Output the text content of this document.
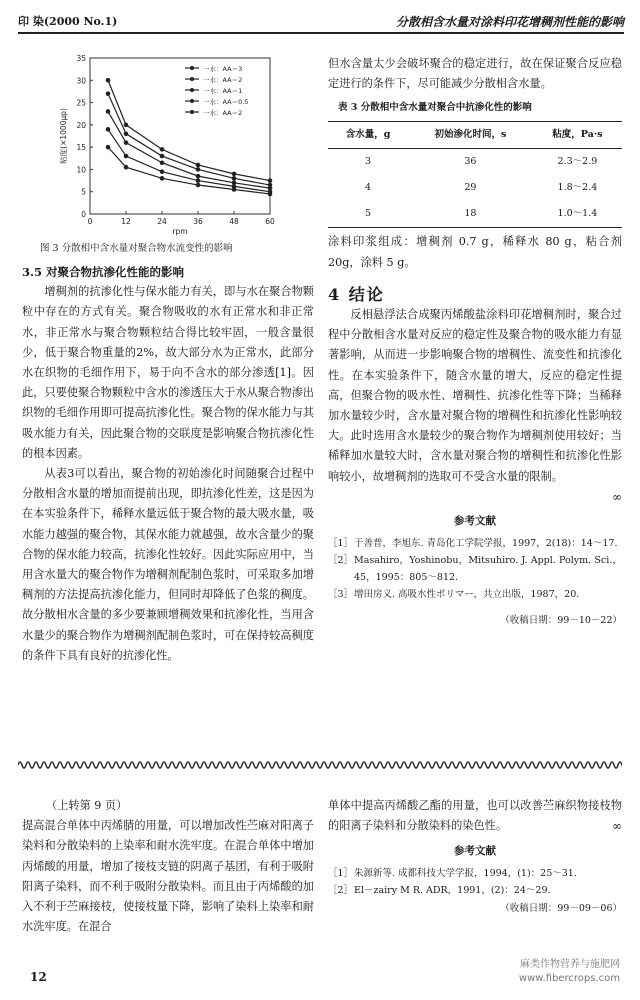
印 染(2000 No.1)	分散相含水量对涂料印花增稠剂性能的影响
0
5
10
15
20
25
30
35
0	12	24	36	48	60
rpm
粘度(×1000μp)
一水：AA＝3
一水：AA＝2
一水：AA＝1
一水：AA＝0.5
一水：AA＝2
图 3 分散相中含水量对聚合物水流变性的影响
3.5 对聚合物抗渗化性能的影响

增稠剂的抗渗化性与保水能力有关，即与水在聚合物颗粒中存在的方式有关。聚合物吸收的水有正常水和非正常水，非正常水与聚合物颗粒结合得比较牢固，一般含量很少，低于聚合物重量的2%，故大部分水为正常水，此部分水在织物的毛细作用下，易于向不含水的部分渗透[1]。因此，只要使聚合物颗粒中含水的渗透压大于水从聚合物渗出织物的毛细作用即可提高抗渗化性。聚合物的保水能力与其吸水能力有关，因此聚合物的交联度是影响聚合物抗渗化性的根本因素。

从表3可以看出，聚合物的初始渗化时间随聚合过程中分散相含水量的增加而提前出现，即抗渗化性差，这是因为在本实验条件下，稀释水量远低于聚合物的最大吸水量，吸水能力越强的聚合物，其保水能力就越强，故水含量少的聚合物的保水能力较高，抗渗化性较好。因此实际应用中，当用含水量大的聚合物作为增稠剂配制色浆时，可采取多加增稠剂的方法提高抗渗化能力，但同时却降低了色浆的稠度。故分散相水含量的多少要兼顾增稠效果和抗渗化性，当用含水量少的聚合物作为增稠剂配制色浆时，可在保持较高稠度的条件下具有良好的抗渗化性。

但水含量太少会破坏聚合的稳定进行，故在保证聚合反应稳定进行的条件下，尽可能减少分散相含水量。

表 3 分散相中含水量对聚合中抗渗化性的影响
含水量，g	初始渗化时间，s	粘度，Pa·s
3	36	2.3～2.9
4	29	1.8～2.4
5	18	1.0～1.4

涂料印浆组成：增稠剂 0.7 g，稀释水 80 g，粘合剂 20g，涂料 5 g。

4 结论

反相悬浮法合成聚丙烯酸盐涂料印花增稠剂时，聚合过程中分散相含水量对反应的稳定性及聚合物的吸水能力有显著影响，从而进一步影响聚合物的增稠性、流变性和抗渗化性。在本实验条件下，随含水量的增大，反应的稳定性提高，但聚合物的吸水性、增稠性、抗渗化性等下降；当稀释加水量较少时，含水量对聚合物的增稠性和抗渗化性影响较大。此时选用含水量较少的聚合物作为增稠剂使用较好；当稀释加水量较大时，含水量对聚合物的增稠性和抗渗化性影响较小，故增稠剂的选取可不受含水量的限制。

∞
参考文献
［1］ 于善普，李旭东. 青岛化工学院学报，1997，2(18)：14～17.
［2］ Masahiro，Yoshinobu，Mitsuhiro. J. Appl. Polym. Sci.，45，1995：805～812.
［3］ 增田房义. 高吸水性ポリマー，共立出版，1987，20.
（收稿日期：99－10－22）
（上转第 9 页）

提高混合单体中丙烯腈的用量，可以增加改性苎麻对阳离子染料和分散染料的上染率和耐水洗牢度。在混合单体中增加丙烯酸的用量，增加了接枝支链的阴离子基团，有利于吸附阳离子染料，而不利于吸附分散染料。而且由于丙烯酸的加入不利于苎麻接枝，使接枝量下降，影响了染料上染率和耐水洗牢度。在混合

单体中提高丙烯酸乙酯的用量，也可以改善苎麻织物接枝物的阳离子染料和分散染料的染色性。	∞
参考文献
［1］ 朱源新等. 成都科技大学学报，1994，(1)：25～31.
［2］ El－zairy M R. ADR，1991，(2)：24～29.
（收稿日期：99－09－06）
12
麻类作物营养与施肥网
www.fibercrops.com
